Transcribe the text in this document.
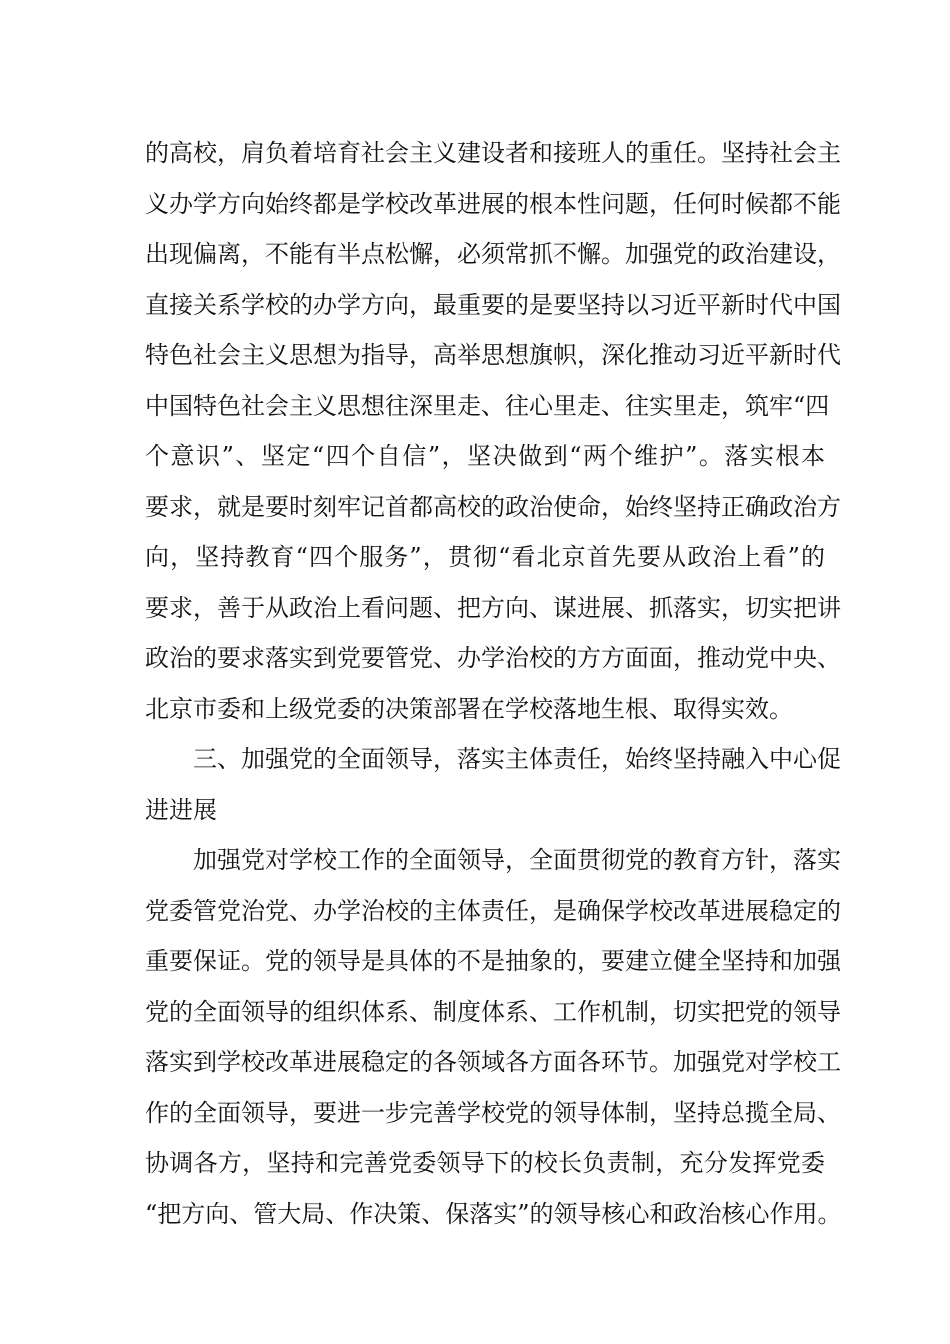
的高校，肩负着培育社会主义建设者和接班人的重任。坚持社会主
义办学方向始终都是学校改革进展的根本性问题，任何时候都不能
出现偏离，不能有半点松懈，必须常抓不懈。加强党的政治建设，
直接关系学校的办学方向，最重要的是要坚持以习近平新时代中国
特色社会主义思想为指导，高举思想旗帜，深化推动习近平新时代
中国特色社会主义思想往深里走、往心里走、往实里走，筑牢“四
个意识”、坚定“四个自信”，坚决做到“两个维护”。落实根本
要求，就是要时刻牢记首都高校的政治使命，始终坚持正确政治方
向，坚持教育“四个服务”，贯彻“看北京首先要从政治上看”的
要求，善于从政治上看问题、把方向、谋进展、抓落实，切实把讲
政治的要求落实到党要管党、办学治校的方方面面，推动党中央、
北京市委和上级党委的决策部署在学校落地生根、取得实效。
三、加强党的全面领导，落实主体责任，始终坚持融入中心促
进进展
加强党对学校工作的全面领导，全面贯彻党的教育方针，落实
党委管党治党、办学治校的主体责任，是确保学校改革进展稳定的
重要保证。党的领导是具体的不是抽象的，要建立健全坚持和加强
党的全面领导的组织体系、制度体系、工作机制，切实把党的领导
落实到学校改革进展稳定的各领域各方面各环节。加强党对学校工
作的全面领导，要进一步完善学校党的领导体制，坚持总揽全局、
协调各方，坚持和完善党委领导下的校长负责制，充分发挥党委
“把方向、管大局、作决策、保落实”的领导核心和政治核心作用。
